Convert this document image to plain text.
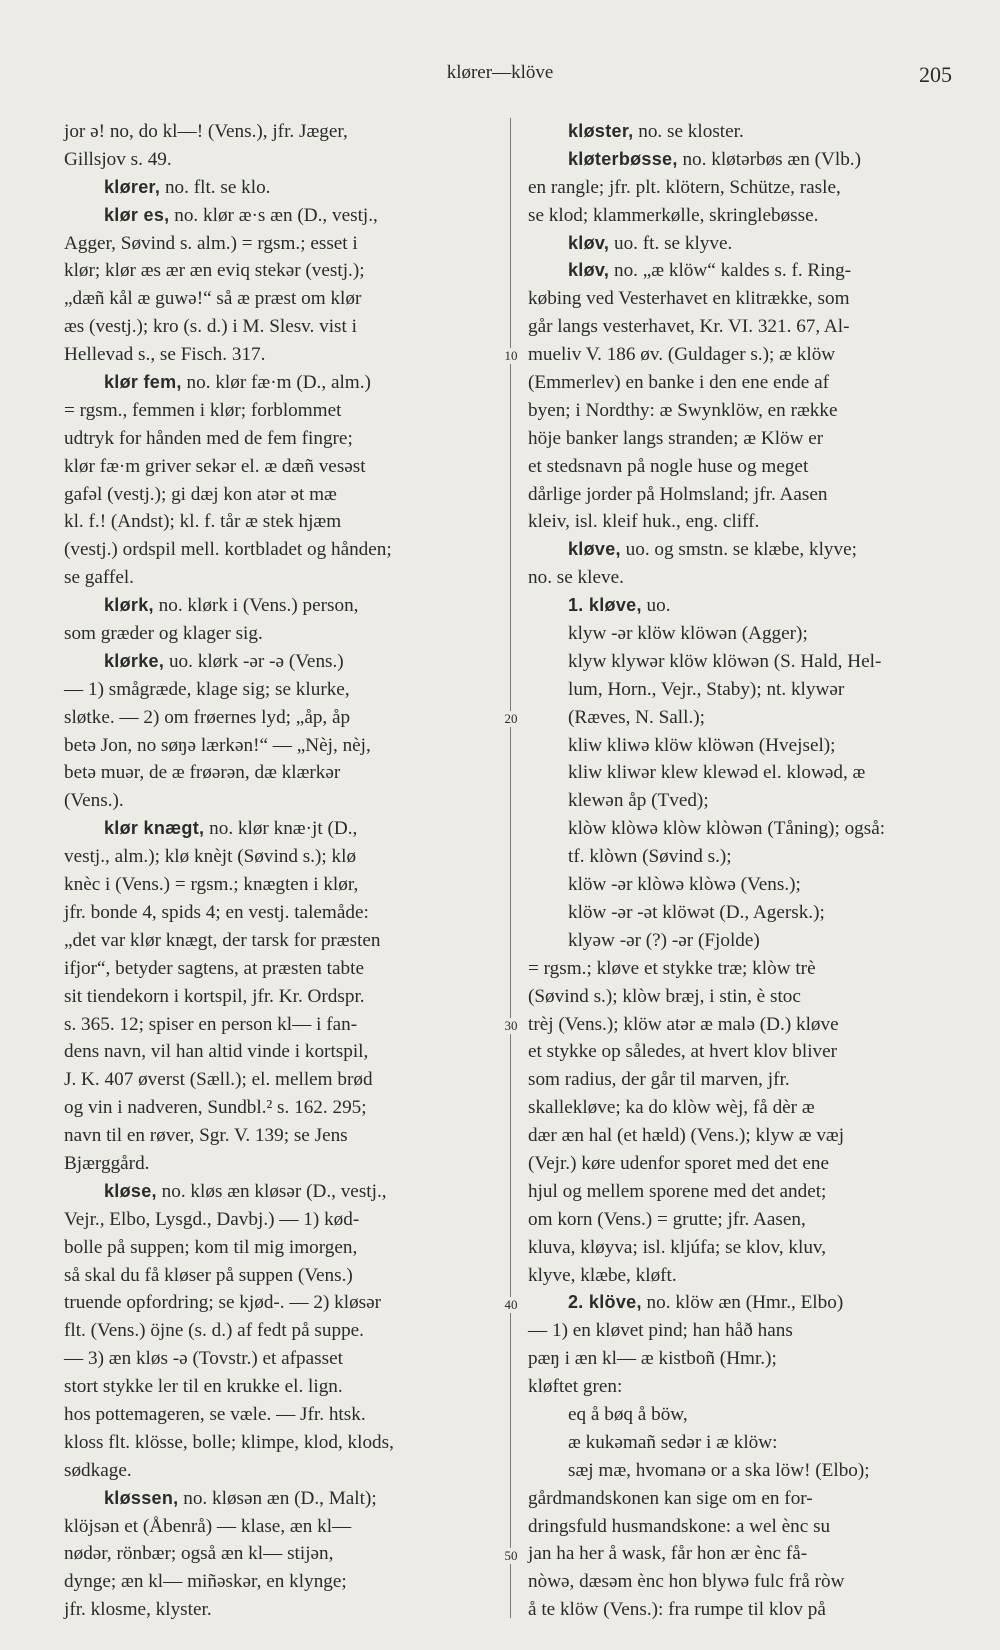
klører—klöve	205
10
20
30
40
50
jor ə! no, do kl—! (Vens.), jfr. Jæger,
Gillsjov s. 49.
klører, no. flt. se klo.
klør es, no. klør æ·s æn (D., vestj.,
Agger, Søvind s. alm.) = rgsm.; esset i
klør; klør æs ær æn eviq stekər (vestj.);
„dæñ kål æ guwə!“ så æ præst om klør
æs (vestj.); kro (s. d.) i M. Slesv. vist i
Hellevad s., se Fisch. 317.
klør fem, no. klør fæ·m (D., alm.)
= rgsm., femmen i klør; forblommet
udtryk for hånden med de fem fingre;
klør fæ·m griver sekər el. æ dæñ vesəst
gafəl (vestj.); gi dæj kon atər ət mæ
kl. f.! (Andst); kl. f. tår æ stek hjæm
(vestj.) ordspil mell. kortbladet og hånden;
se gaffel.
klørk, no. klørk i (Vens.) person,
som græder og klager sig.
klørke, uo. klørk -ər -ə (Vens.)
— 1) smågræde, klage sig; se klurke,
sløtke. — 2) om frøernes lyd; „åp, åp
betə Jon, no søŋə lærkən!“ — „Nèj, nèj,
betə muər, de æ frøərən, dæ klærkər
(Vens.).
klør knægt, no. klør knæ·jt (D.,
vestj., alm.); klø knèjt (Søvind s.); klø
knèc i (Vens.) = rgsm.; knægten i klør,
jfr. bonde 4, spids 4; en vestj. talemåde:
„det var klør knægt, der tarsk for præsten
ifjor“, betyder sagtens, at præsten tabte
sit tiendekorn i kortspil, jfr. Kr. Ordspr.
s. 365. 12; spiser en person kl— i fan-
dens navn, vil han altid vinde i kortspil,
J. K. 407 øverst (Sæll.); el. mellem brød
og vin i nadveren, Sundbl.² s. 162. 295;
navn til en røver, Sgr. V. 139; se Jens
Bjærggård.
kløse, no. kløs æn kløsər (D., vestj.,
Vejr., Elbo, Lysgd., Davbj.) — 1) kød-
bolle på suppen; kom til mig imorgen,
så skal du få kløser på suppen (Vens.)
truende opfordring; se kjød-. — 2) kløsər
flt. (Vens.) öjne (s. d.) af fedt på suppe.
— 3) æn kløs -ə (Tovstr.) et afpasset
stort stykke ler til en krukke el. lign.
hos pottemageren, se væle. — Jfr. htsk.
kloss flt. klösse, bolle; klimpe, klod, klods,
sødkage.
kløssen, no. kløsən æn (D., Malt);
klöjsən et (Åbenrå) — klase, æn kl—
nødər, rönbær; også æn kl— stijən,
dynge; æn kl— miñəskər, en klynge;
jfr. klosme, klyster.
kløster, no. se kloster.
kløterbøsse, no. kløtərbøs æn (Vlb.)
en rangle; jfr. plt. klötern, Schütze, rasle,
se klod; klammerkølle, skringlebøsse.
kløv, uo. ft. se klyve.
kløv, no. „æ klöw“ kaldes s. f. Ring-
købing ved Vesterhavet en klitrække, som
går langs vesterhavet, Kr. VI. 321. 67, Al-
mueliv V. 186 øv. (Guldager s.); æ klöw
(Emmerlev) en banke i den ene ende af
byen; i Nordthy: æ Swynklöw, en række
höje banker langs stranden; æ Klöw er
et stedsnavn på nogle huse og meget
dårlige jorder på Holmsland; jfr. Aasen
kleiv, isl. kleif huk., eng. cliff.
kløve, uo. og smstn. se klæbe, klyve;
no. se kleve.
1. kløve, uo.
klyw -ər klöw klöwən (Agger);
klyw klywər klöw klöwən (S. Hald, Hel-
lum, Horn., Vejr., Staby); nt. klywər
(Ræves, N. Sall.);
kliw kliwə klöw klöwən (Hvejsel);
kliw kliwər klew klewəd el. klowəd, æ
klewən åp (Tved);
klòw klòwə klòw klòwən (Tåning); også:
tf. klòwn (Søvind s.);
klöw -ər klòwə klòwə (Vens.);
klöw -ər -ət klöwət (D., Agersk.);
klyəw -ər (?) -ər (Fjolde)
= rgsm.; kløve et stykke træ; klòw trè
(Søvind s.); klòw bræj, i stin, è stoc
trèj (Vens.); klöw atər æ malə (D.) kløve
et stykke op således, at hvert klov bliver
som radius, der går til marven, jfr.
skallekløve; ka do klòw wèj, få dèr æ
dær æn hal (et hæld) (Vens.); klyw æ væj
(Vejr.) køre udenfor sporet med det ene
hjul og mellem sporene med det andet;
om korn (Vens.) = grutte; jfr. Aasen,
kluva, kløyva; isl. kljúfa; se klov, kluv,
klyve, klæbe, kløft.
2. klöve, no. klöw æn (Hmr., Elbo)
— 1) en kløvet pind; han håð hans
pæŋ i æn kl— æ kistboñ (Hmr.);
kløftet gren:
eq å bøq å böw,
æ kukəmañ sedər i æ klöw:
sæj mæ, hvomanə or a ska löw! (Elbo);
gårdmandskonen kan sige om en for-
dringsfuld husmandskone: a wel ènc su
jan ha her å wask, får hon ær ènc få-
nòwə, dæsəm ènc hon blywə fulc frå ròw
å te klöw (Vens.): fra rumpe til klov på
